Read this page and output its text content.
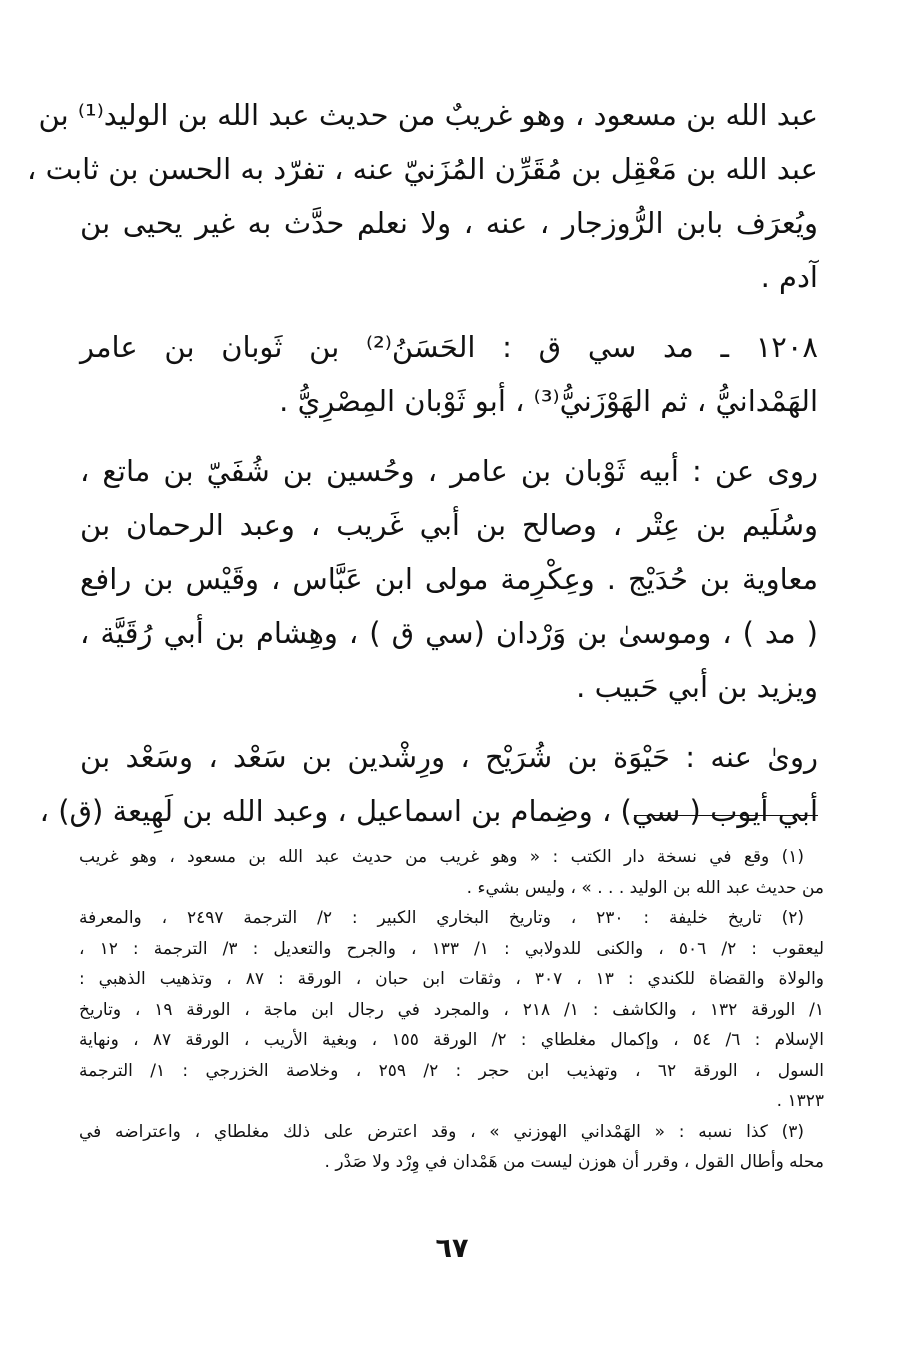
عبد الله بن مسعود ، وهو غريبٌ من حديث عبد الله بن الوليد⁽¹⁾ بن
عبد الله بن مَعْقِل بن مُقَرِّن المُزَنيّ عنه ، تفرّد به الحسن بن ثابت ،
ويُعرَف بابن الرُّوزجار ، عنه ، ولا نعلم حدَّث به غير يحيى بن
آدم .
١٢٠٨ ـ مد سي ق : الحَسَنُ⁽²⁾ بن ثَوبان بن عامر
الهَمْدانيُّ ، ثم الهَوْزَنيُّ⁽³⁾ ، أبو ثَوْبان المِصْرِيُّ .
روى عن : أبيه ثَوْبان بن عامر ، وحُسين بن شُفَيّ بن ماتع ،
وسُلَيم بن عِتْر ، وصالح بن أبي غَريب ، وعبد الرحمان بن
معاوية بن حُدَيْج . وعِكْرِمة مولى ابن عَبَّاس ، وقَيْس بن رافع
( مد ) ، وموسىٰ بن وَرْدان (سي ق ) ، وهِشام بن أبي رُقَيَّة ،
ويزيد بن أبي حَبيب .
روىٰ عنه : حَيْوَة بن شُرَيْح ، ورِشْدين بن سَعْد ، وسَعْد بن
أبي أيوب ( سي) ، وضِمام بن اسماعيل ، وعبد الله بن لَهِيعة (ق) ،
(١) وقع في نسخة دار الكتب : « وهو غريب من حديث عبد الله بن مسعود ، وهو غريب
من حديث عبد الله بن الوليد . . . » ، وليس بشيء .
(٢) تاريخ خليفة : ٢٣٠ ، وتاريخ البخاري الكبير : ٢/ الترجمة ٢٤٩٧ ، والمعرفة
ليعقوب : ٢/ ٥٠٦ ، والكنى للدولابي : ١/ ١٣٣ ، والجرح والتعديل : ٣/ الترجمة : ١٢ ،
والولاة والقضاة للكندي : ١٣ ، ٣٠٧ ، وثقات ابن حبان ، الورقة : ٨٧ ، وتذهيب الذهبي :
١/ الورقة ١٣٢ ، والكاشف : ١/ ٢١٨ ، والمجرد في رجال ابن ماجة ، الورقة ١٩ ، وتاريخ
الإسلام : ٦/ ٥٤ ، وإكمال مغلطاي : ٢/ الورقة ١٥٥ ، وبغية الأريب ، الورقة ٨٧ ، ونهاية
السول ، الورقة ٦٢ ، وتهذيب ابن حجر : ٢/ ٢٥٩ ، وخلاصة الخزرجي : ١/ الترجمة
١٣٢٣ .
(٣) كذا نسبه : « الهَمْداني الهوزني » ، وقد اعترض على ذلك مغلطاي ، واعتراضه في
محله وأطال القول ، وقرر أن هوزن ليست من هَمْدان في وِرْد ولا صَدْر .
٦٧
